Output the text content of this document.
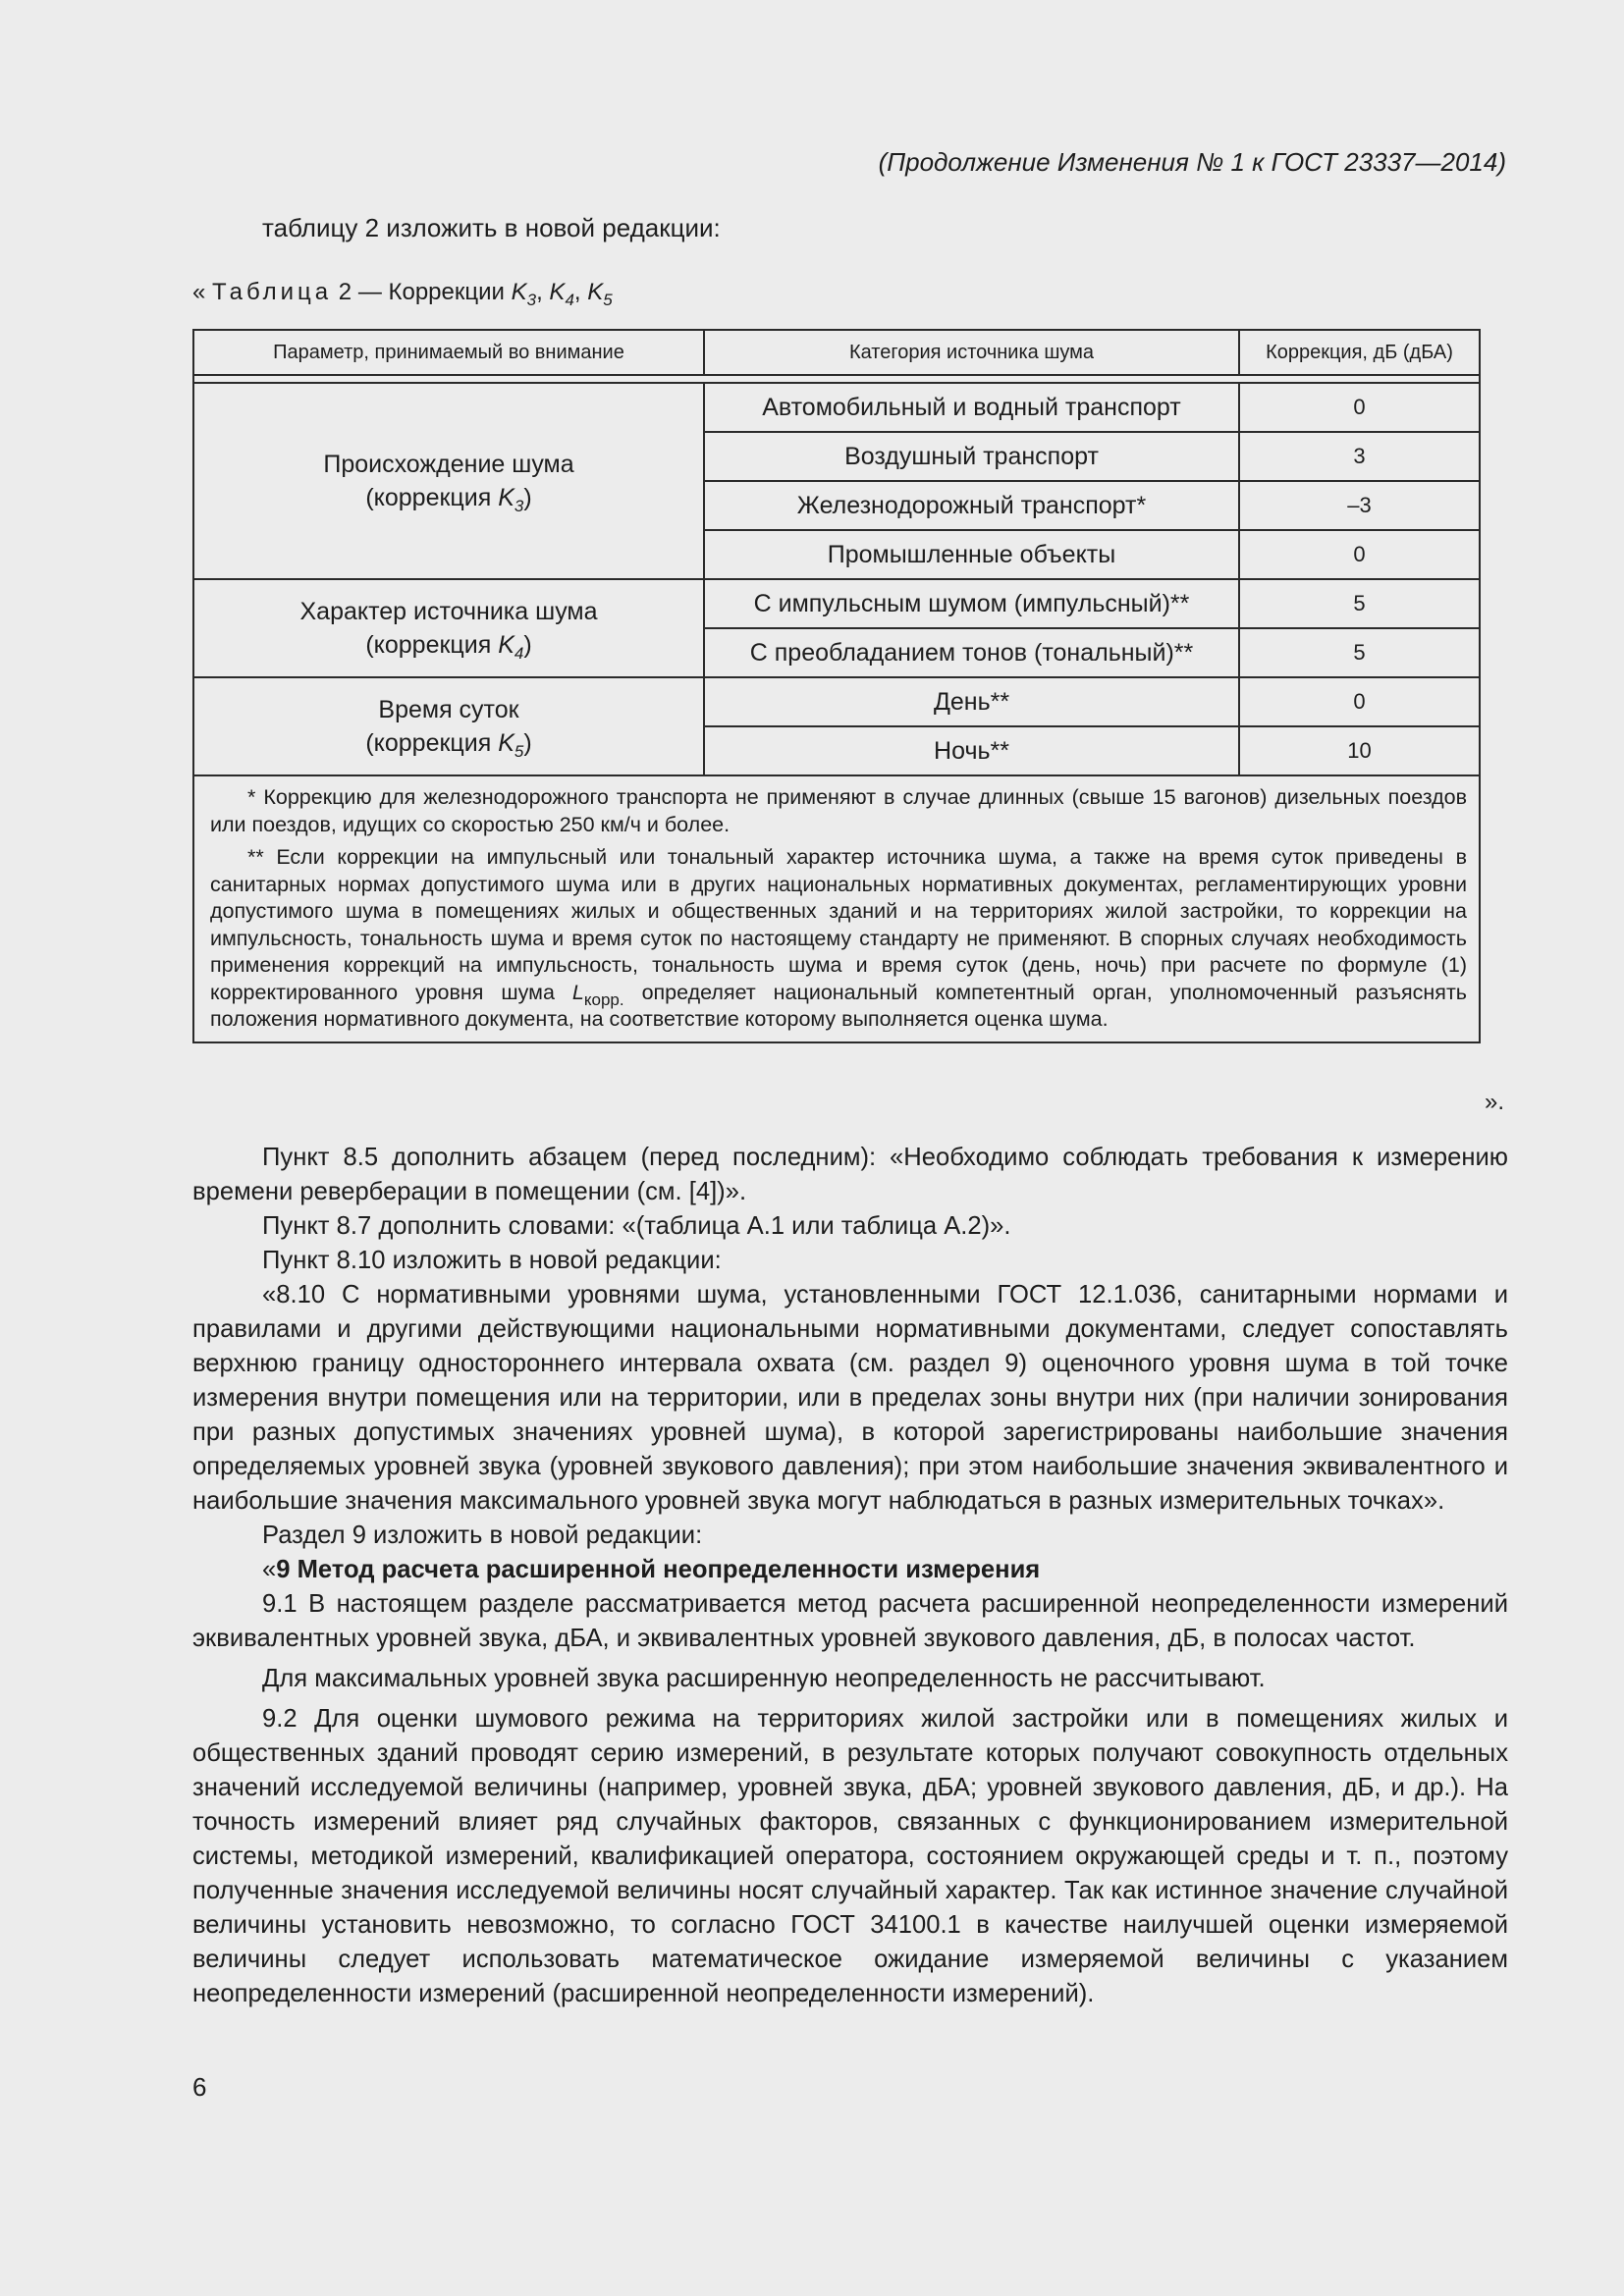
(Продолжение Изменения № 1 к ГОСТ 23337—2014)
таблицу 2 изложить в новой редакции:
« Таблица 2 — Коррекции $K_3$, $K_4$, $K_5$
Параметр, принимаемый во внимание	Категория источника шума	Коррекция, дБ (дБА)

Происхождение шума
(коррекция $K_3$)	Автомобильный и водный транспорт	0
	Воздушный транспорт	3
	Железнодорожный транспорт*	–3
	Промышленные объекты	0
Характер источника шума
(коррекция $K_4$)	С импульсным шумом (импульсный)**	5
	С преобладанием тонов (тональный)**	5
Время суток
(коррекция $K_5$)	День**	0
	Ночь**	10

* Коррекцию для железнодорожного транспорта не применяют в случае длинных (свыше 15 вагонов) дизельных поездов или поездов, идущих со скоростью 250 км/ч и более.

** Если коррекции на импульсный или тональный характер источника шума, а также на время суток приведены в санитарных нормах допустимого шума или в других национальных нормативных документах, регламентирующих уровни допустимого шума в помещениях жилых и общественных зданий и на территориях жилой застройки, то коррекции на импульсность, тональность шума и время суток по настоящему стандарту не применяют. В спорных случаях необходимость применения коррекций на импульсность, тональность шума и время суток (день, ночь) при расчете по формуле (1) корректированного уровня шума $L_{корр.}$ определяет национальный компетентный орган, уполномоченный разъяснять положения нормативного документа, на соответствие которому выполняется оценка шума.		

».

Пункт 8.5 дополнить абзацем (перед последним): «Необходимо соблюдать требования к измерению времени реверберации в помещении (см. [4])».

Пункт 8.7 дополнить словами: «(таблица А.1 или таблица А.2)».

Пункт 8.10 изложить в новой редакции:

«8.10 С нормативными уровнями шума, установленными ГОСТ 12.1.036, санитарными нормами и правилами и другими действующими национальными нормативными документами, следует сопоставлять верхнюю границу одностороннего интервала охвата (см. раздел 9) оценочного уровня шума в той точке измерения внутри помещения или на территории, или в пределах зоны внутри них (при наличии зонирования при разных допустимых значениях уровней шума), в которой зарегистрированы наибольшие значения определяемых уровней звука (уровней звукового давления); при этом наибольшие значения эквивалентного и наибольшие значения максимального уровней звука могут наблюдаться в разных измерительных точках».

Раздел 9 изложить в новой редакции:

«9 Метод расчета расширенной неопределенности измерения

9.1 В настоящем разделе рассматривается метод расчета расширенной неопределенности измерений эквивалентных уровней звука, дБА, и эквивалентных уровней звукового давления, дБ, в полосах частот.

Для максимальных уровней звука расширенную неопределенность не рассчитывают.

9.2 Для оценки шумового режима на территориях жилой застройки или в помещениях жилых и общественных зданий проводят серию измерений, в результате которых получают совокупность отдельных значений исследуемой величины (например, уровней звука, дБА; уровней звукового давления, дБ, и др.). На точность измерений влияет ряд случайных факторов, связанных с функционированием измерительной системы, методикой измерений, квалификацией оператора, состоянием окружающей среды и т. п., поэтому полученные значения исследуемой величины носят случайный характер. Так как истинное значение случайной величины установить невозможно, то согласно ГОСТ 34100.1 в качестве наилучшей оценки измеряемой величины следует использовать математическое ожидание измеряемой величины с указанием неопределенности измерений (расширенной неопределенности измерений).

6
